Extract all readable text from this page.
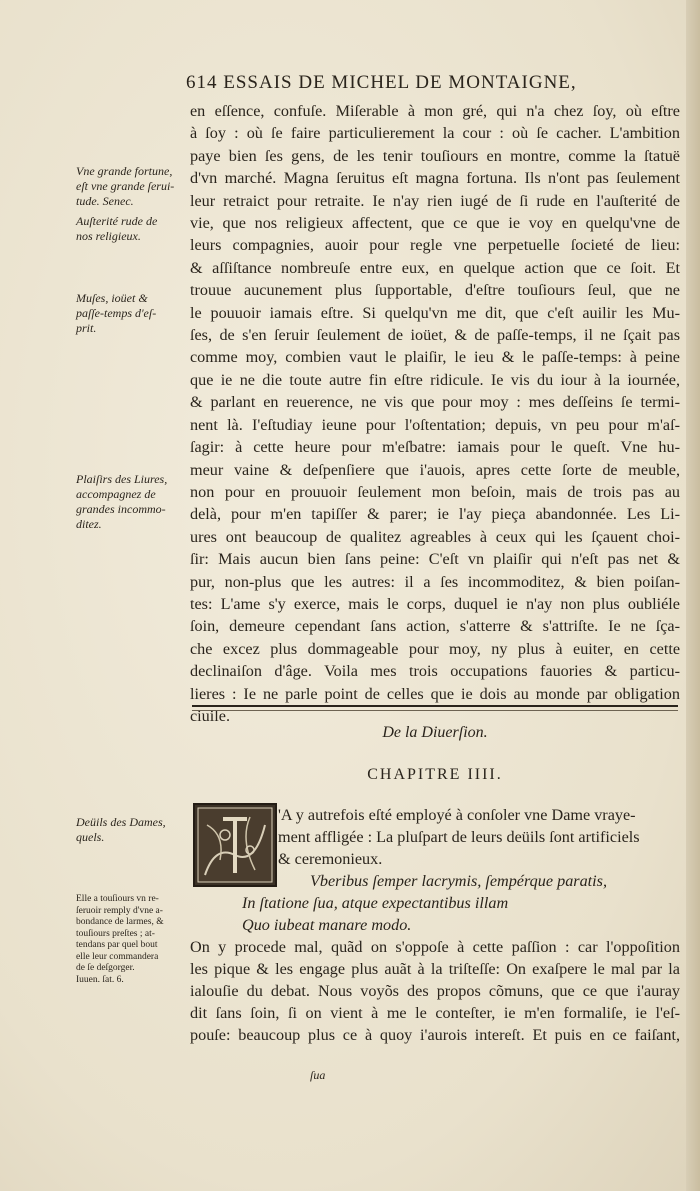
614 ESSAIS DE MICHEL DE MONTAIGNE,
en eſſence, confuſe. Miſerable à mon gré, qui n'a chez ſoy, où eſtre
à ſoy : où ſe faire particulierement la cour : où ſe cacher. L'ambition
paye bien ſes gens, de les tenir touſiours en montre, comme la ſtatuë
d'vn marché. Magna ſeruitus eſt magna fortuna. Ils n'ont pas ſeulement
leur retraict pour retraite. Ie n'ay rien iugé de ſi rude en l'auſterité de
vie, que nos religieux affectent, que ce que ie voy en quelqu'vne de
leurs compagnies, auoir pour regle vne perpetuelle ſocieté de lieu:
& aſſiſtance nombreuſe entre eux, en quelque action que ce ſoit. Et
trouue aucunement plus ſupportable, d'eſtre touſiours ſeul, que ne
le pouuoir iamais eſtre. Si quelqu'vn me dit, que c'eſt auilir les Mu-
ſes, de s'en ſeruir ſeulement de ioüet, & de paſſe-temps, il ne ſçait pas
comme moy, combien vaut le plaiſir, le ieu & le paſſe-temps: à peine
que ie ne die toute autre fin eſtre ridicule. Ie vis du iour à la iournée,
& parlant en reuerence, ne vis que pour moy : mes deſſeins ſe termi-
nent là. I'eſtudiay ieune pour l'oſtentation; depuis, vn peu pour m'aſ-
ſagir: à cette heure pour m'eſbatre: iamais pour le queſt. Vne hu-
meur vaine & deſpenſiere que i'auois, apres cette ſorte de meuble,
non pour en prouuoir ſeulement mon beſoin, mais de trois pas au
delà, pour m'en tapiſſer & parer; ie l'ay pieça abandonnée. Les Li-
ures ont beaucoup de qualitez agreables à ceux qui les ſçauent choi-
ſir: Mais aucun bien ſans peine: C'eſt vn plaiſir qui n'eſt pas net &
pur, non-plus que les autres: il a ſes incommoditez, & bien poiſan-
tes: L'ame s'y exerce, mais le corps, duquel ie n'ay non plus oubliéle
ſoin, demeure cependant ſans action, s'atterre & s'attriſte. Ie ne ſça-
che excez plus dommageable pour moy, ny plus à euiter, en cette
declinaiſon d'âge. Voila mes trois occupations fauories & particu-
lieres : Ie ne parle point de celles que ie dois au monde par obligation
ciuile.
Vne grande fortune,
eſt vne grande ſerui-
tude. Senec.
Auſterité rude de
nos religieux.
Muſes, ioüet &
paſſe-temps d'eſ-
prit.
Plaiſirs des Liures,
accompagnez de
grandes incommo-
ditez.
Deüils des Dames,
quels.
Elle a touſiours vn re-
ſeruoir remply d'vne a-
bondance de larmes, &
touſiours preſtes ; at-
tendans par quel bout
elle leur commandera
de ſe deſgorger.
Iuuen. ſat. 6.
De la Diuerſion.
CHAPITRE IIII.
'A y autrefois eſté employé à conſoler vne Dame vraye-
ment affligée : La pluſpart de leurs deüils ſont artificiels
& ceremonieux.
Vberibus ſemper lacrymis, ſempérque paratis,
In ſtatione ſua, atque expectantibus illam
Quo iubeat manare modo.
On y procede mal, quãd on s'oppoſe à cette paſſion : car l'oppoſition
les pique & les engage plus auãt à la triſteſſe: On exaſpere le mal par la
ialouſie du debat. Nous voyõs des propos cõmuns, que ce que i'auray
dit ſans ſoin, ſi on vient à me le conteſter, ie m'en formaliſe, ie l'eſ-
pouſe: beaucoup plus ce à quoy i'aurois intereſt. Et puis en ce faiſant,
ſua
